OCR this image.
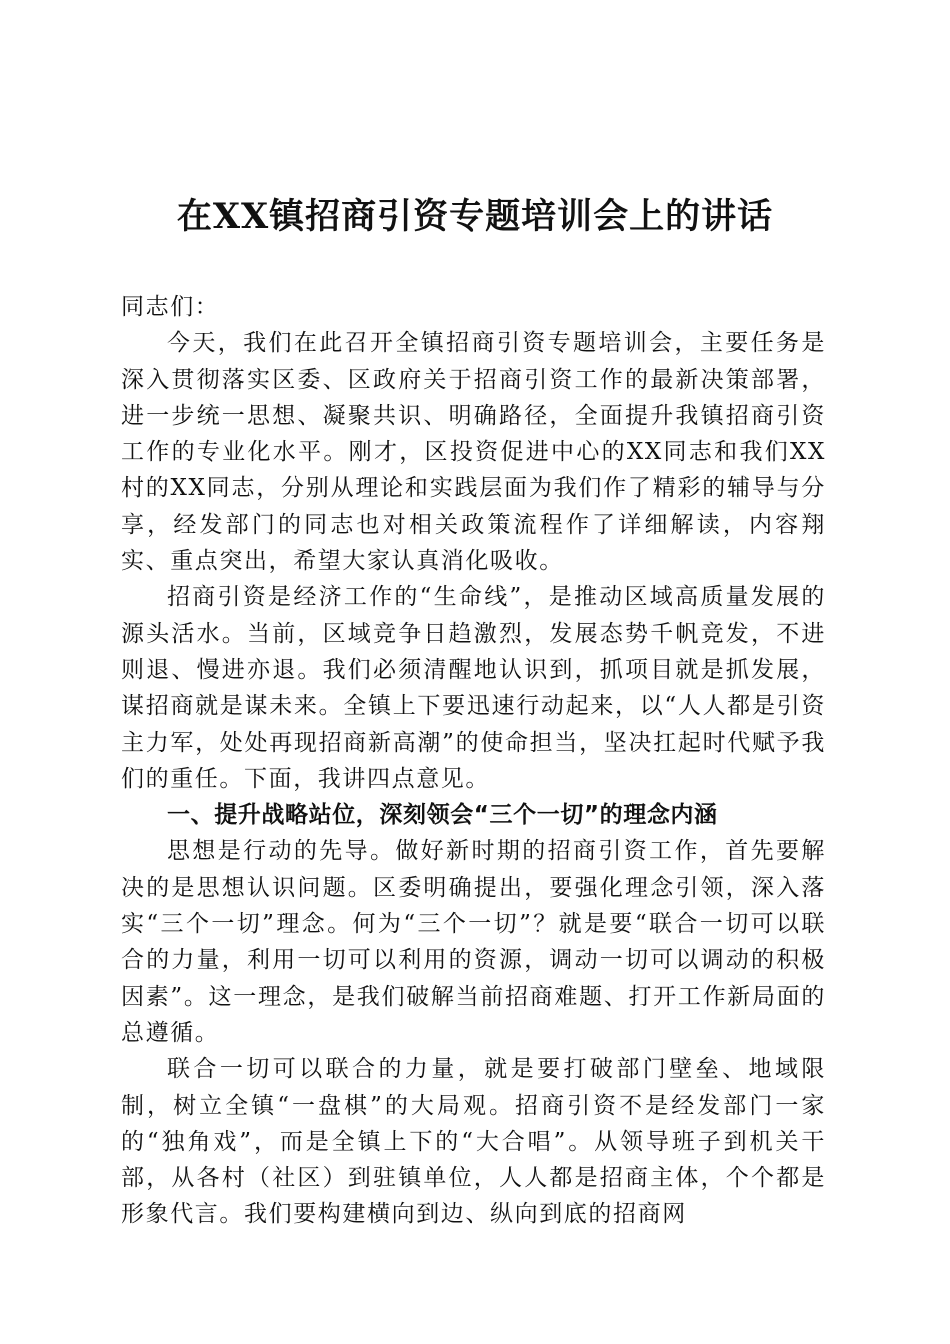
在XX镇招商引资专题培训会上的讲话

同志们：

今天，我们在此召开全镇招商引资专题培训会，主要任务是深入贯彻落实区委、区政府关于招商引资工作的最新决策部署，进一步统一思想、凝聚共识、明确路径，全面提升我镇招商引资工作的专业化水平。刚才，区投资促进中心的XX同志和我们XX村的XX同志，分别从理论和实践层面为我们作了精彩的辅导与分享，经发部门的同志也对相关政策流程作了详细解读，内容翔实、重点突出，希望大家认真消化吸收。

招商引资是经济工作的“生命线”，是推动区域高质量发展的源头活水。当前，区域竞争日趋激烈，发展态势千帆竞发，不进则退、慢进亦退。我们必须清醒地认识到，抓项目就是抓发展，谋招商就是谋未来。全镇上下要迅速行动起来，以“人人都是引资主力军，处处再现招商新高潮”的使命担当，坚决扛起时代赋予我们的重任。下面，我讲四点意见。

一、提升战略站位，深刻领会“三个一切”的理念内涵

思想是行动的先导。做好新时期的招商引资工作，首先要解决的是思想认识问题。区委明确提出，要强化理念引领，深入落实“三个一切”理念。何为“三个一切”？就是要“联合一切可以联合的力量，利用一切可以利用的资源，调动一切可以调动的积极因素”。这一理念，是我们破解当前招商难题、打开工作新局面的总遵循。

联合一切可以联合的力量，就是要打破部门壁垒、地域限制，树立全镇“一盘棋”的大局观。招商引资不是经发部门一家的“独角戏”，而是全镇上下的“大合唱”。从领导班子到机关干部，从各村（社区）到驻镇单位，人人都是招商主体，个个都是形象代言。我们要构建横向到边、纵向到底的招商网
